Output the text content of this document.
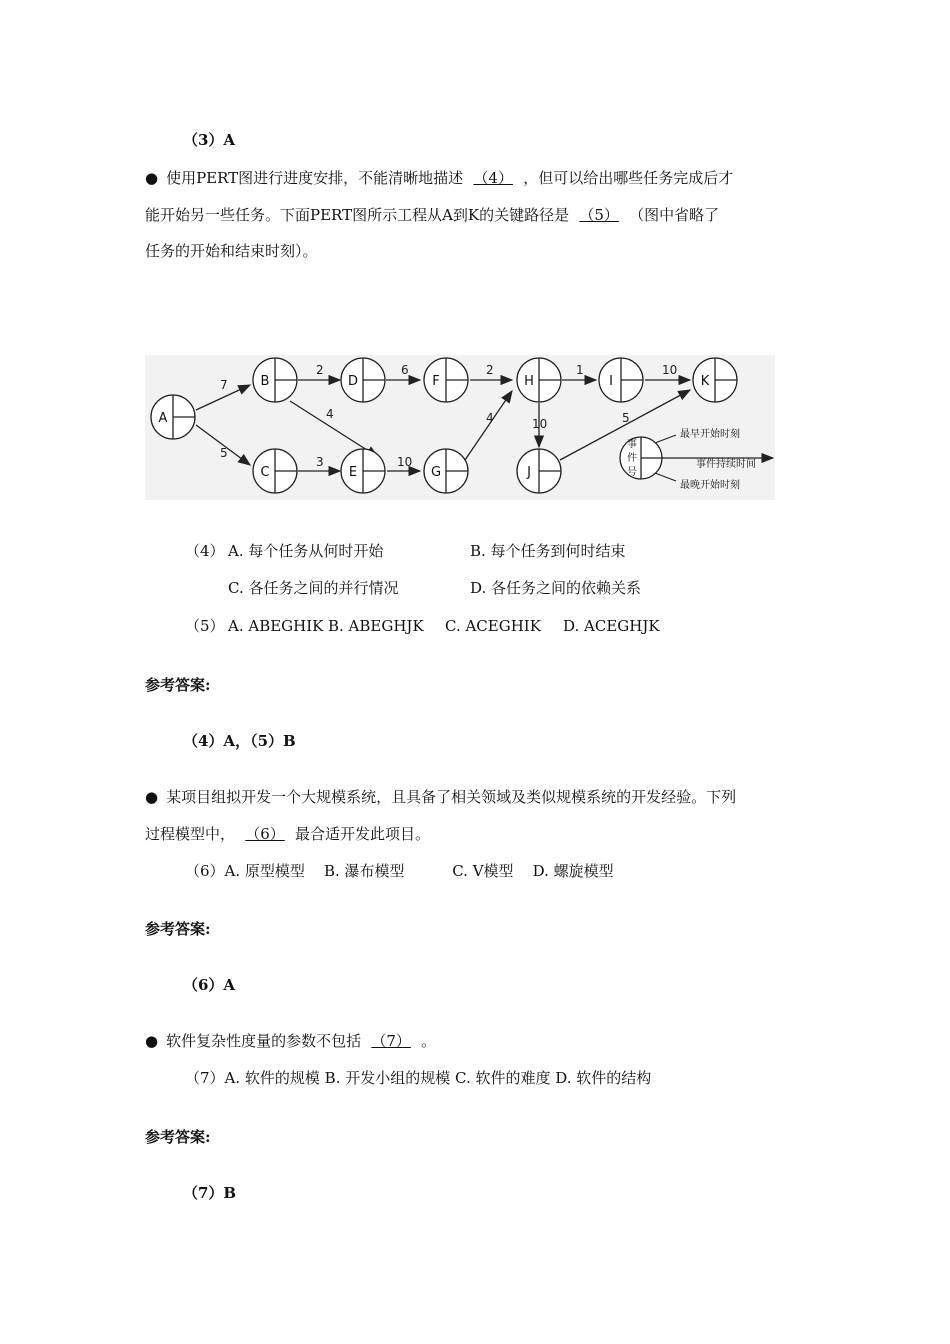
（3）A
● 使用PERT图进行进度安排，不能清晰地描述 （4） ，但可以给出哪些任务完成后才
能开始另一些任务。下面PERT图所示工程从A到K的关键路径是 （5） （图中省略了
任务的开始和结束时刻）。
7
5
2
4
3
6
10
2
4
1	10
10	5
A
B
C
D
E
F
G
H	I
J
K
事
件
号
最早开始时刻
事件持续时间
最晚开始时刻
（4） A. 每个任务从何时开始	B. 每个任务到何时结束
C. 各任务之间的并行情况	D. 各任务之间的依赖关系
（5） A. ABEGHIK B. ABEGHJK C. ACEGHIK D. ACEGHJK
参考答案:
（4）A，（5）B
● 某项目组拟开发一个大规模系统，且具备了相关领域及类似规模系统的开发经验。下列
过程模型中， （6） 最合适开发此项目。
（6）A. 原型模型    B. 瀑布模型          C. V模型    D. 螺旋模型
参考答案:
（6）A
● 软件复杂性度量的参数不包括 （7） 。
（7）A. 软件的规模 B. 开发小组的规模 C. 软件的难度 D. 软件的结构
参考答案:
（7）B
